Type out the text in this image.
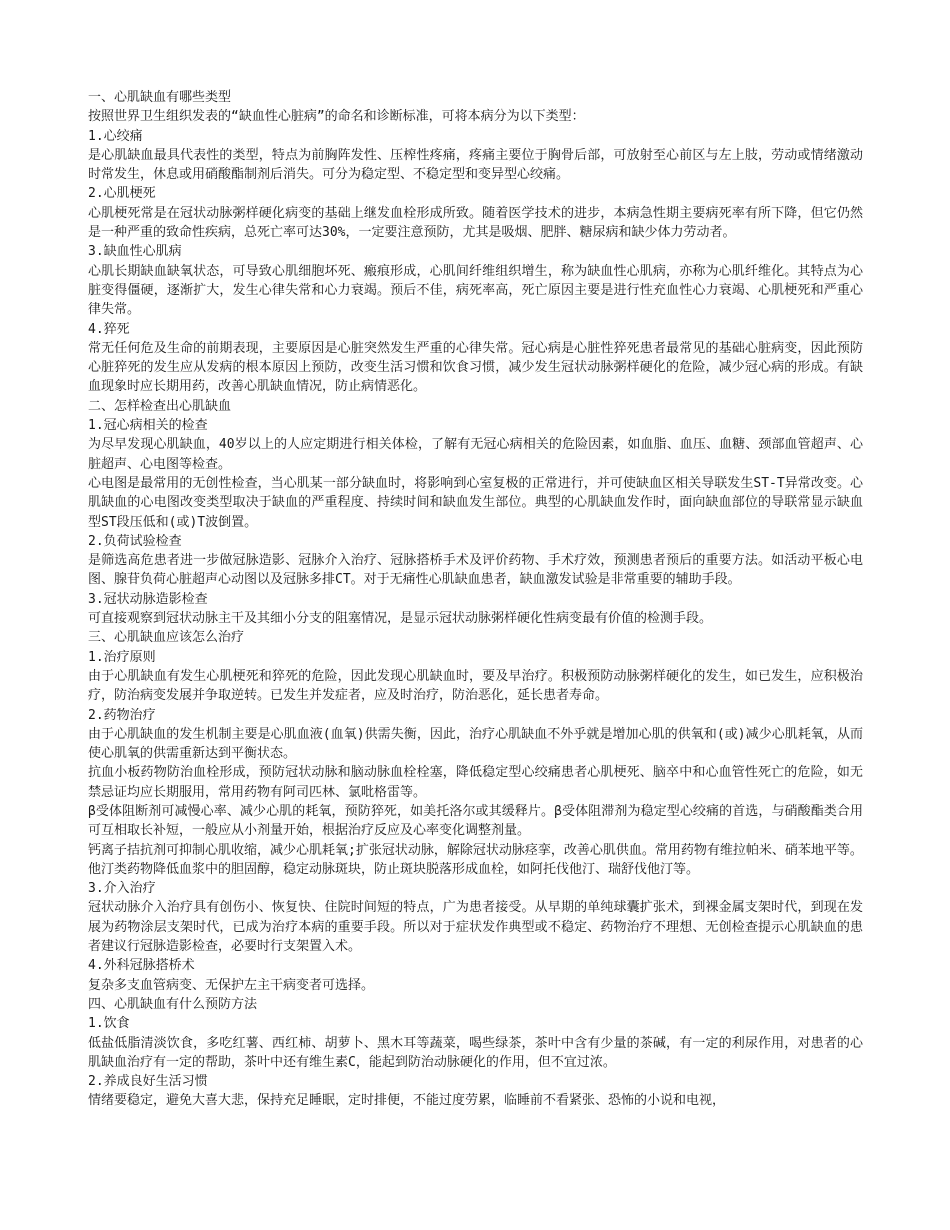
一、心肌缺血有哪些类型
按照世界卫生组织发表的“缺血性心脏病”的命名和诊断标准，可将本病分为以下类型：
1.心绞痛
是心肌缺血最具代表性的类型，特点为前胸阵发性、压榨性疼痛，疼痛主要位于胸骨后部，可放射至心前区与左上肢，劳动或情绪激动时常发生，休息或用硝酸酯制剂后消失。可分为稳定型、不稳定型和变异型心绞痛。
2.心肌梗死
心肌梗死常是在冠状动脉粥样硬化病变的基础上继发血栓形成所致。随着医学技术的进步，本病急性期主要病死率有所下降，但它仍然是一种严重的致命性疾病，总死亡率可达30%，一定要注意预防，尤其是吸烟、肥胖、糖尿病和缺少体力劳动者。
3.缺血性心肌病
心肌长期缺血缺氧状态，可导致心肌细胞坏死、瘢痕形成，心肌间纤维组织增生，称为缺血性心肌病，亦称为心肌纤维化。其特点为心脏变得僵硬，逐渐扩大，发生心律失常和心力衰竭。预后不佳，病死率高，死亡原因主要是进行性充血性心力衰竭、心肌梗死和严重心律失常。
4.猝死
常无任何危及生命的前期表现，主要原因是心脏突然发生严重的心律失常。冠心病是心脏性猝死患者最常见的基础心脏病变，因此预防心脏猝死的发生应从发病的根本原因上预防，改变生活习惯和饮食习惯，减少发生冠状动脉粥样硬化的危险，减少冠心病的形成。有缺血现象时应长期用药，改善心肌缺血情况，防止病情恶化。
二、怎样检查出心肌缺血
1.冠心病相关的检查
为尽早发现心肌缺血，40岁以上的人应定期进行相关体检，了解有无冠心病相关的危险因素，如血脂、血压、血糖、颈部血管超声、心脏超声、心电图等检查。
心电图是最常用的无创性检查，当心肌某一部分缺血时，将影响到心室复极的正常进行，并可使缺血区相关导联发生ST-T异常改变。心肌缺血的心电图改变类型取决于缺血的严重程度、持续时间和缺血发生部位。典型的心肌缺血发作时，面向缺血部位的导联常显示缺血型ST段压低和(或)T波倒置。
2.负荷试验检查
是筛选高危患者进一步做冠脉造影、冠脉介入治疗、冠脉搭桥手术及评价药物、手术疗效，预测患者预后的重要方法。如活动平板心电图、腺苷负荷心脏超声心动图以及冠脉多排CT。对于无痛性心肌缺血患者，缺血激发试验是非常重要的辅助手段。
3.冠状动脉造影检查
可直接观察到冠状动脉主干及其细小分支的阻塞情况，是显示冠状动脉粥样硬化性病变最有价值的检测手段。
三、心肌缺血应该怎么治疗
1.治疗原则
由于心肌缺血有发生心肌梗死和猝死的危险，因此发现心肌缺血时，要及早治疗。积极预防动脉粥样硬化的发生，如已发生，应积极治疗，防治病变发展并争取逆转。已发生并发症者，应及时治疗，防治恶化，延长患者寿命。
2.药物治疗
由于心肌缺血的发生机制主要是心肌血液(血氧)供需失衡，因此，治疗心肌缺血不外乎就是增加心肌的供氧和(或)减少心肌耗氧，从而使心肌氧的供需重新达到平衡状态。
抗血小板药物防治血栓形成，预防冠状动脉和脑动脉血栓栓塞，降低稳定型心绞痛患者心肌梗死、脑卒中和心血管性死亡的危险，如无禁忌证均应长期服用，常用药物有阿司匹林、氯吡格雷等。
β受体阻断剂可减慢心率、减少心肌的耗氧，预防猝死，如美托洛尔或其缓释片。β受体阻滞剂为稳定型心绞痛的首选，与硝酸酯类合用可互相取长补短，一般应从小剂量开始，根据治疗反应及心率变化调整剂量。
钙离子拮抗剂可抑制心肌收缩，减少心肌耗氧;扩张冠状动脉，解除冠状动脉痉挛，改善心肌供血。常用药物有维拉帕米、硝苯地平等。
他汀类药物降低血浆中的胆固醇，稳定动脉斑块，防止斑块脱落形成血栓，如阿托伐他汀、瑞舒伐他汀等。
3.介入治疗
冠状动脉介入治疗具有创伤小、恢复快、住院时间短的特点，广为患者接受。从早期的单纯球囊扩张术，到裸金属支架时代，到现在发展为药物涂层支架时代，已成为治疗本病的重要手段。所以对于症状发作典型或不稳定、药物治疗不理想、无创检查提示心肌缺血的患者建议行冠脉造影检查，必要时行支架置入术。
4.外科冠脉搭桥术
复杂多支血管病变、无保护左主干病变者可选择。
四、心肌缺血有什么预防方法
1.饮食
低盐低脂清淡饮食，多吃红薯、西红柿、胡萝卜、黑木耳等蔬菜，喝些绿茶，茶叶中含有少量的茶碱，有一定的利尿作用，对患者的心肌缺血治疗有一定的帮助，茶叶中还有维生素C，能起到防治动脉硬化的作用，但不宜过浓。
2.养成良好生活习惯
情绪要稳定，避免大喜大悲，保持充足睡眠，定时排便，不能过度劳累，临睡前不看紧张、恐怖的小说和电视，
